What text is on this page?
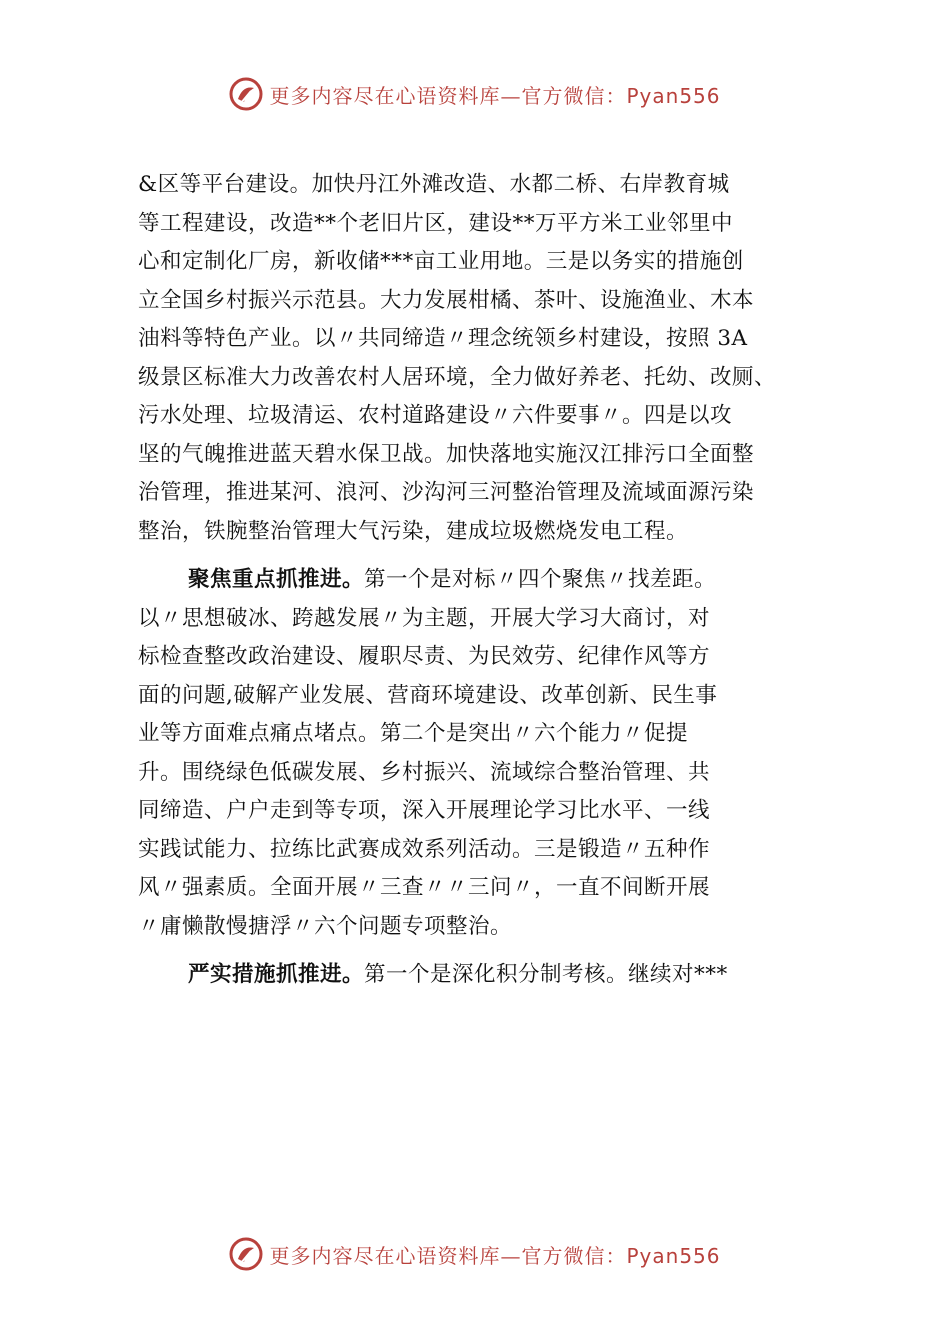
更多内容尽在心语资料库—官方微信：Pyan556
&区等平台建设。加快丹江外滩改造、水都二桥、右岸教育城
等工程建设，改造**个老旧片区，建设**万平方米工业邻里中
心和定制化厂房，新收储***亩工业用地。三是以务实的措施创
立全国乡村振兴示范县。大力发展柑橘、茶叶、设施渔业、木本
油料等特色产业。以〃共同缔造〃理念统领乡村建设，按照 3A
级景区标准大力改善农村人居环境，全力做好养老、托幼、改厕、
污水处理、垃圾清运、农村道路建设〃六件要事〃。四是以攻
坚的气魄推进蓝天碧水保卫战。加快落地实施汉江排污口全面整
治管理，推进某河、浪河、沙沟河三河整治管理及流域面源污染
整治，铁腕整治管理大气污染，建成垃圾燃烧发电工程。
聚焦重点抓推进。第一个是对标〃四个聚焦〃找差距。
以〃思想破冰、跨越发展〃为主题，开展大学习大商讨，对
标检查整改政治建设、履职尽责、为民效劳、纪律作风等方
面的问题,破解产业发展、营商环境建设、改革创新、民生事
业等方面难点痛点堵点。第二个是突出〃六个能力〃促提
升。围绕绿色低碳发展、乡村振兴、流域综合整治管理、共
同缔造、户户走到等专项，深入开展理论学习比水平、一线
实践试能力、拉练比武赛成效系列活动。三是锻造〃五种作
风〃强素质。全面开展〃三查〃〃三问〃，一直不间断开展
〃庸懒散慢搪浮〃六个问题专项整治。
严实措施抓推进。第一个是深化积分制考核。继续对***
更多内容尽在心语资料库—官方微信：Pyan556
